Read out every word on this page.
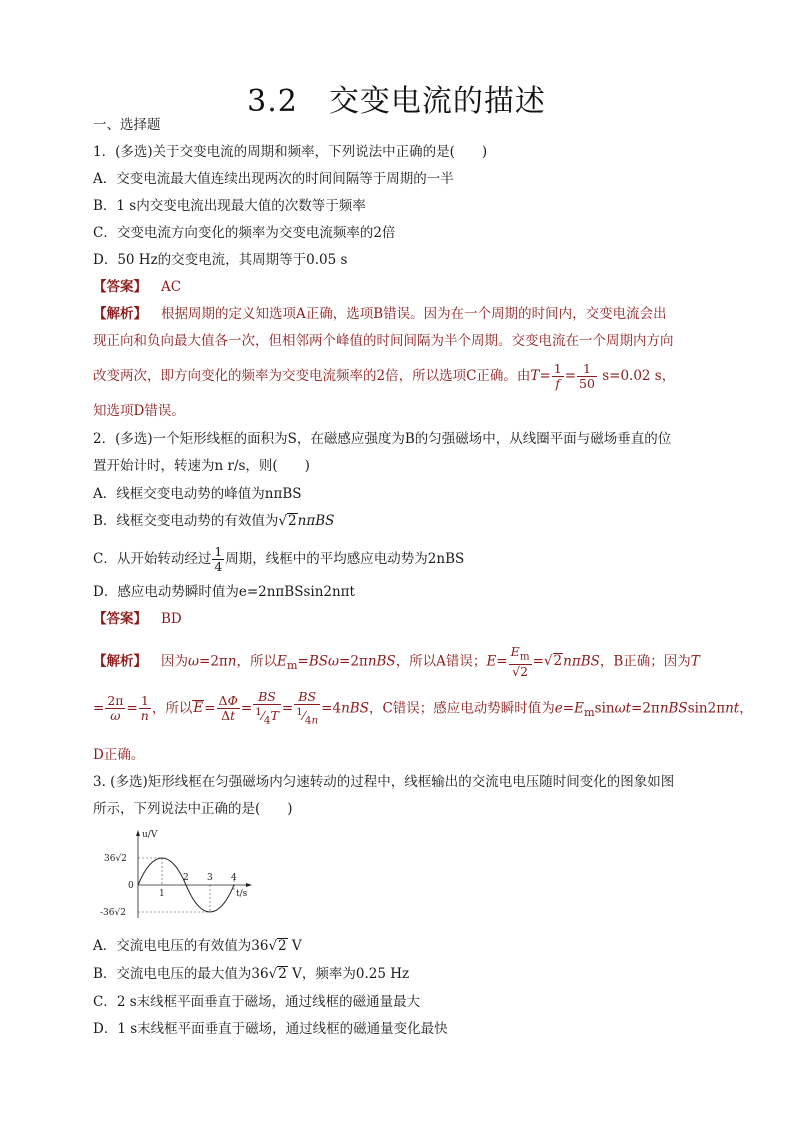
3.2　交变电流的描述
一、选择题
1．(多选)关于交变电流的周期和频率，下列说法中正确的是(　　)
A．交变电流最大值连续出现两次的时间间隔等于周期的一半
B．1 s内交变电流出现最大值的次数等于频率
C．交变电流方向变化的频率为交变电流频率的2倍
D．50 Hz的交变电流，其周期等于0.05 s
【答案】 AC
【解析】 根据周期的定义知选项A正确，选项B错误。因为在一个周期的时间内，交变电流会出
现正向和负向最大值各一次，但相邻两个峰值的时间间隔为半个周期。交变电流在一个周期内方向
改变两次，即方向变化的频率为交变电流频率的2倍，所以选项C正确。由$T= \frac{1}{f} = \frac{1}{50} s=0.02$ s，
知选项D错误。
2．(多选)一个矩形线框的面积为S，在磁感应强度为B的匀强磁场中，从线圈平面与磁场垂直的位
置开始计时，转速为n r/s，则(　　)
A．线框交变电动势的峰值为nπBS
B．线框交变电动势的有效值为√2nπBS
C．从开始转动经过 $\frac{1}{4}$ 周期，线框中的平均感应电动势为2nBS
D．感应电动势瞬时值为e=2nπBSsin2nπt
【答案】 BD
【解析】 因为ω=2πn，所以$E_m=BS\omega=2\pi nBS$，所以A错误；$E= \frac{E_m}{√2} =√2n\pi BS$，B正确；因为T
= $\frac{2\pi}{\omega} = \frac{1}{n}$ ，所以$E= \frac{\Delta\Phi}{\Delta t} = \frac{BS}{^1⁄_4T} = \frac{BS}{^1⁄_{4n}} =4nBS$，C错误；感应电动势瞬时值为$e=E_m\sin\omega t=2\pi nBSsin2\pi nt$，
D正确。
3. (多选)矩形线框在匀强磁场内匀速转动的过程中，线框输出的交流电电压随时间变化的图象如图
所示，下列说法中正确的是(　　)
u/V
t/s
36√2
0
-36√2
1
2 3 4
A．交流电电压的有效值为36√2 V
B．交流电电压的最大值为36√2 V，频率为0.25 Hz
C．2 s末线框平面垂直于磁场，通过线框的磁通量最大
D．1 s末线框平面垂直于磁场，通过线框的磁通量变化最快
